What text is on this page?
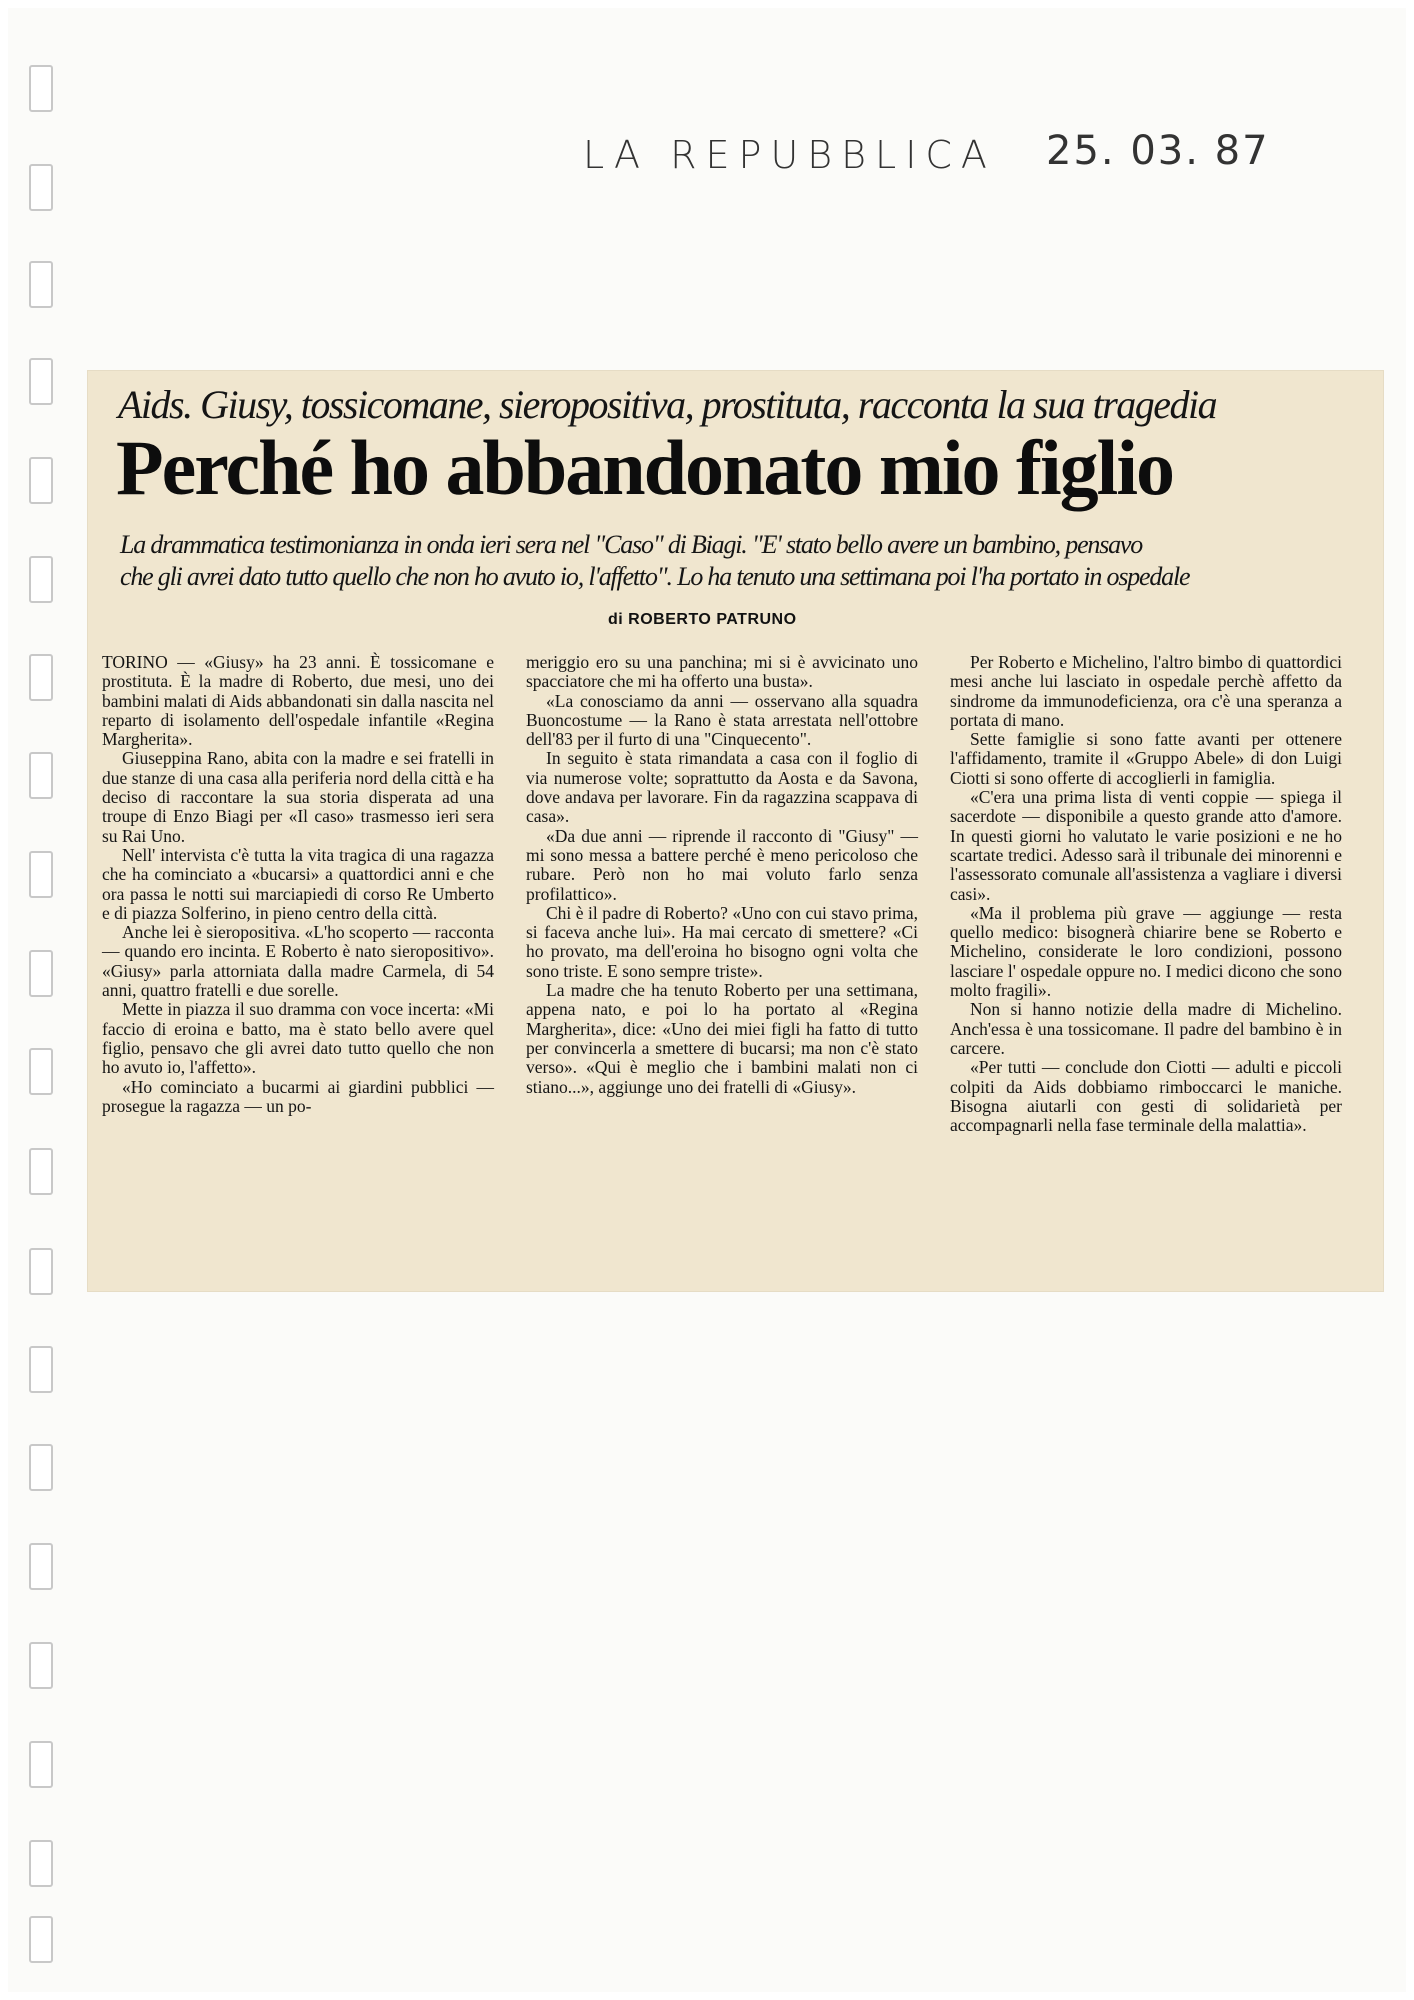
LA REPUBBLICA 25. 03. 87
Aids. Giusy, tossicomane, sieropositiva, prostituta, racconta la sua tragedia
Perché ho abbandonato mio figlio
La drammatica testimonianza in onda ieri sera nel "Caso" di Biagi. "E' stato bello avere un bambino, pensavo
che gli avrei dato tutto quello che non ho avuto io, l'affetto". Lo ha tenuto una settimana poi l'ha portato in ospedale
di ROBERTO PATRUNO

TORINO — «Giusy» ha 23 anni. È tossicomane e prostituta. È la madre di Roberto, due mesi, uno dei bambini malati di Aids abbandonati sin dalla nascita nel reparto di isolamento dell'ospedale infantile «Regina Margherita».

Giuseppina Rano, abita con la madre e sei fratelli in due stanze di una casa alla periferia nord della città e ha deciso di raccontare la sua storia disperata ad una troupe di Enzo Biagi per «Il caso» trasmesso ieri sera su Rai Uno.

Nell' intervista c'è tutta la vita tragica di una ragazza che ha cominciato a «bucarsi» a quattordici anni e che ora passa le notti sui marciapiedi di corso Re Umberto e di piazza Solferino, in pieno centro della città.

Anche lei è sieropositiva. «L'ho scoperto — racconta — quando ero incinta. E Roberto è nato sieropositivo». «Giusy» parla attorniata dalla madre Carmela, di 54 anni, quattro fratelli e due sorelle.

Mette in piazza il suo dramma con voce incerta: «Mi faccio di eroina e batto, ma è stato bello avere quel figlio, pensavo che gli avrei dato tutto quello che non ho avuto io, l'affetto».

«Ho cominciato a bucarmi ai giardini pubblici — prosegue la ragazza — un po-

meriggio ero su una panchina; mi si è avvicinato uno spacciatore che mi ha offerto una busta».

«La conosciamo da anni — osservano alla squadra Buoncostume — la Rano è stata arrestata nell'ottobre dell'83 per il furto di una "Cinquecento".

In seguito è stata rimandata a casa con il foglio di via numerose volte; soprattutto da Aosta e da Savona, dove andava per lavorare. Fin da ragazzina scappava di casa».

«Da due anni — riprende il racconto di "Giusy" — mi sono messa a battere perché è meno pericoloso che rubare. Però non ho mai voluto farlo senza profilattico».

Chi è il padre di Roberto? «Uno con cui stavo prima, si faceva anche lui». Ha mai cercato di smettere? «Ci ho provato, ma dell'eroina ho bisogno ogni volta che sono triste. E sono sempre triste».

La madre che ha tenuto Roberto per una settimana, appena nato, e poi lo ha portato al «Regina Margherita», dice: «Uno dei miei figli ha fatto di tutto per convincerla a smettere di bucarsi; ma non c'è stato verso». «Qui è meglio che i bambini malati non ci stiano...», aggiunge uno dei fratelli di «Giusy».

Per Roberto e Michelino, l'altro bimbo di quattordici mesi anche lui lasciato in ospedale perchè affetto da sindrome da immunodeficienza, ora c'è una speranza a portata di mano.

Sette famiglie si sono fatte avanti per ottenere l'affidamento, tramite il «Gruppo Abele» di don Luigi Ciotti si sono offerte di accoglierli in famiglia.

«C'era una prima lista di venti coppie — spiega il sacerdote — disponibile a questo grande atto d'amore. In questi giorni ho valutato le varie posizioni e ne ho scartate tredici. Adesso sarà il tribunale dei minorenni e l'assessorato comunale all'assistenza a vagliare i diversi casi».

«Ma il problema più grave — aggiunge — resta quello medico: bisognerà chiarire bene se Roberto e Michelino, considerate le loro condizioni, possono lasciare l' ospedale oppure no. I medici dicono che sono molto fragili».

Non si hanno notizie della madre di Michelino. Anch'essa è una tossicomane. Il padre del bambino è in carcere.

«Per tutti — conclude don Ciotti — adulti e piccoli colpiti da Aids dobbiamo rimboccarci le maniche. Bisogna aiutarli con gesti di solidarietà per accompagnarli nella fase terminale della malattia».
